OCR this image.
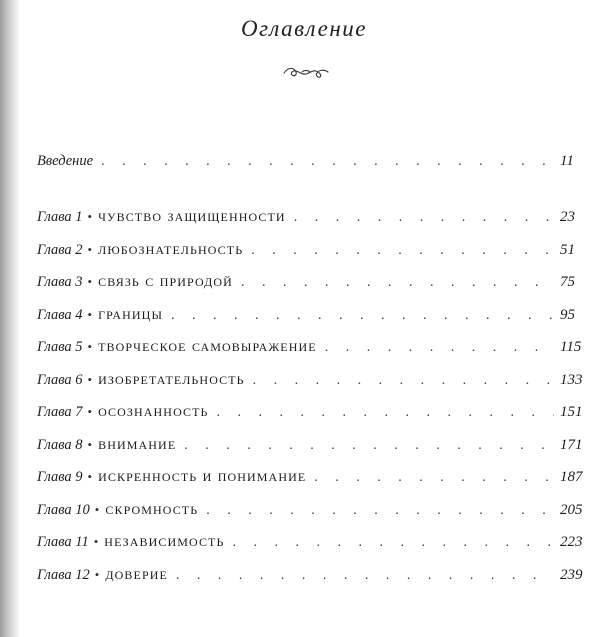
Оглавление
Введение . . .	11
Глава 1 • чувство защищенности . . .	23
Глава 2 • любознательность . . .	51
Глава 3 • связь с природой . . .	75
Глава 4 • границы . . .	95
Глава 5 • творческое самовыражение . . .	115
Глава 6 • изобретательность . . .	133
Глава 7 • осознанность . . .	151
Глава 8 • внимание . . .	171
Глава 9 • искренность и понимание . . .	187
Глава 10 • скромность . . .	205
Глава 11 • независимость . . .	223
Глава 12 • доверие . . .	239
